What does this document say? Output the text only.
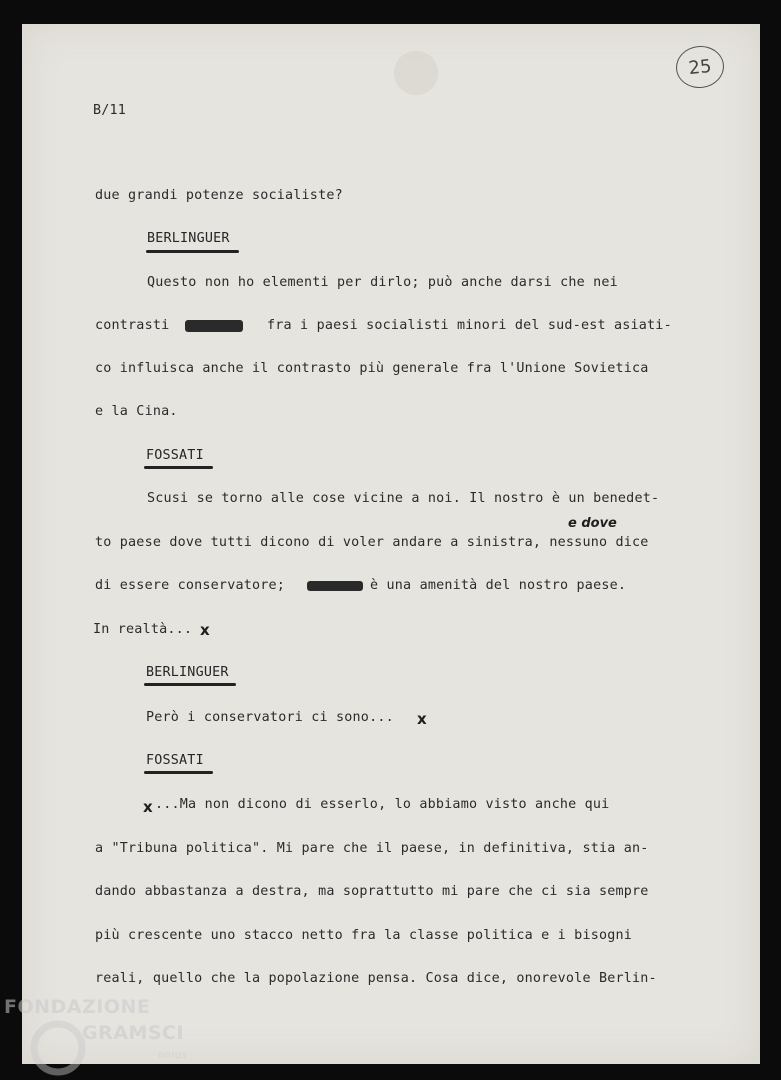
●	25
B/11
due grandi potenze socialiste?
BERLINGUER
Questo non ho elementi per dirlo; può anche darsi che nei
contrasti	fra i paesi socialisti minori del sud-est asiati-
co influisca anche il contrasto più generale fra l'Unione Sovietica
e la Cina.
FOSSATI
Scusi se torno alle cose vicine a noi. Il nostro è un benedet-
e dove
to paese dove tutti dicono di voler andare a sinistra, nessuno dice
di essere conservatore;	è una amenità del nostro paese.
In realtà... x
BERLINGUER
Però i conservatori ci sono... x
FOSSATI
x ...Ma non dicono di esserlo, lo abbiamo visto anche qui
a "Tribuna politica". Mi pare che il paese, in definitiva, stia an-
dando abbastanza a destra, ma soprattutto mi pare che ci sia sempre
più crescente uno stacco netto fra la classe politica e i bisogni
reali, quello che la popolazione pensa. Cosa dice, onorevole Berlin-
FONDAZIONE
GRAMSCI
onlus
